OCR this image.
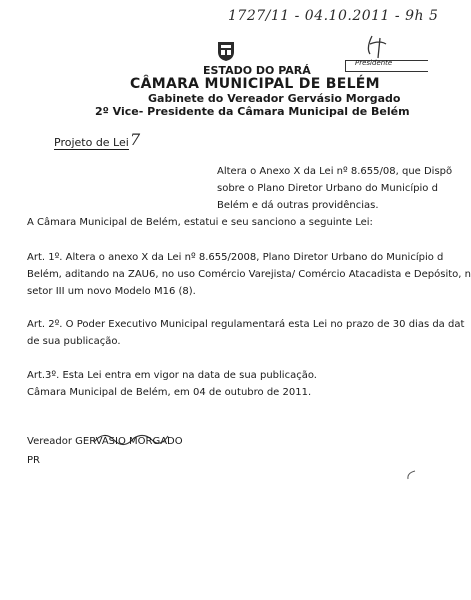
1727/11 - 04.10.2011 - 9h 5
ESTADO DO PARÁ
CÂMARA MUNICIPAL DE BELÉM
Gabinete do Vereador Gervásio Morgado
2º Vice- Presidente da Câmara Municipal de Belém
Presidente
Projeto de Lei 7
Altera o Anexo X da Lei nº 8.655/08, que Dispõ
sobre o Plano Diretor Urbano do Município d
Belém e dá outras providências.
A Câmara Municipal de Belém, estatui e seu sanciono a seguinte Lei:
Art. 1º. Altera o anexo X da Lei nº 8.655/2008, Plano Diretor Urbano do Município d
Belém, aditando na ZAU6, no uso Comércio Varejista/ Comércio Atacadista e Depósito, n
setor III um novo Modelo M16 (8).
Art. 2º. O Poder Executivo Municipal regulamentará esta Lei no prazo de 30 dias da dat
de sua publicação.
Art.3º. Esta Lei entra em vigor na data de sua publicação.
Câmara Municipal de Belém, em 04 de outubro de 2011.
Vereador GERVÁSIO MORGADO
PR
